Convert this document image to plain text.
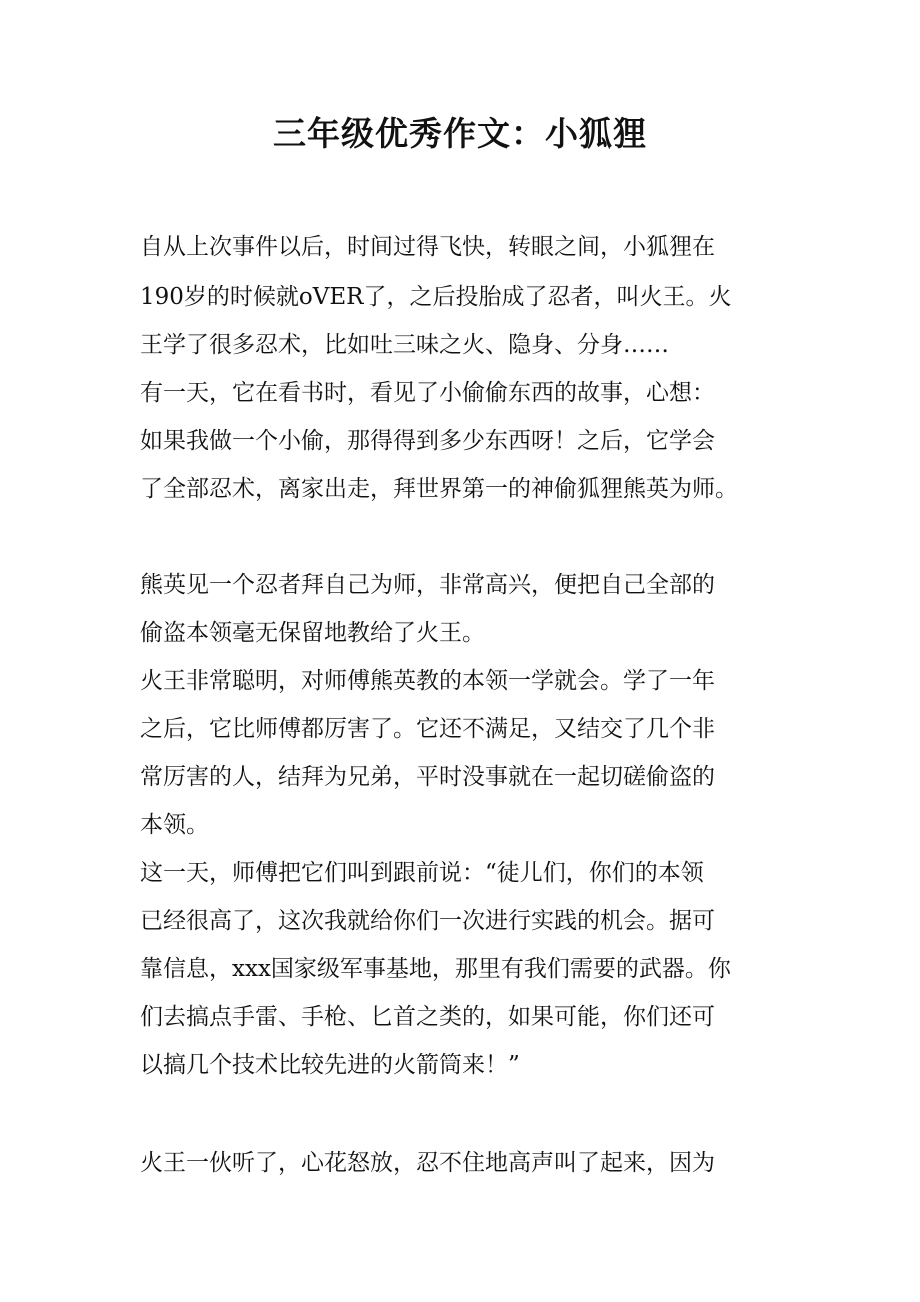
三年级优秀作文：小狐狸
自从上次事件以后，时间过得飞快，转眼之间，小狐狸在
190岁的时候就oVER了，之后投胎成了忍者，叫火王。火
王学了很多忍术，比如吐三味之火、隐身、分身……
有一天，它在看书时，看见了小偷偷东西的故事，心想：
如果我做一个小偷，那得得到多少东西呀！之后，它学会
了全部忍术，离家出走，拜世界第一的神偷狐狸熊英为师。
熊英见一个忍者拜自己为师，非常高兴，便把自己全部的
偷盗本领毫无保留地教给了火王。
火王非常聪明，对师傅熊英教的本领一学就会。学了一年
之后，它比师傅都厉害了。它还不满足，又结交了几个非
常厉害的人，结拜为兄弟，平时没事就在一起切磋偷盗的
本领。
这一天，师傅把它们叫到跟前说：“徒儿们，你们的本领
已经很高了，这次我就给你们一次进行实践的机会。据可
靠信息，xxx国家级军事基地，那里有我们需要的武器。你
们去搞点手雷、手枪、匕首之类的，如果可能，你们还可
以搞几个技术比较先进的火箭筒来！”
火王一伙听了，心花怒放，忍不住地高声叫了起来，因为
